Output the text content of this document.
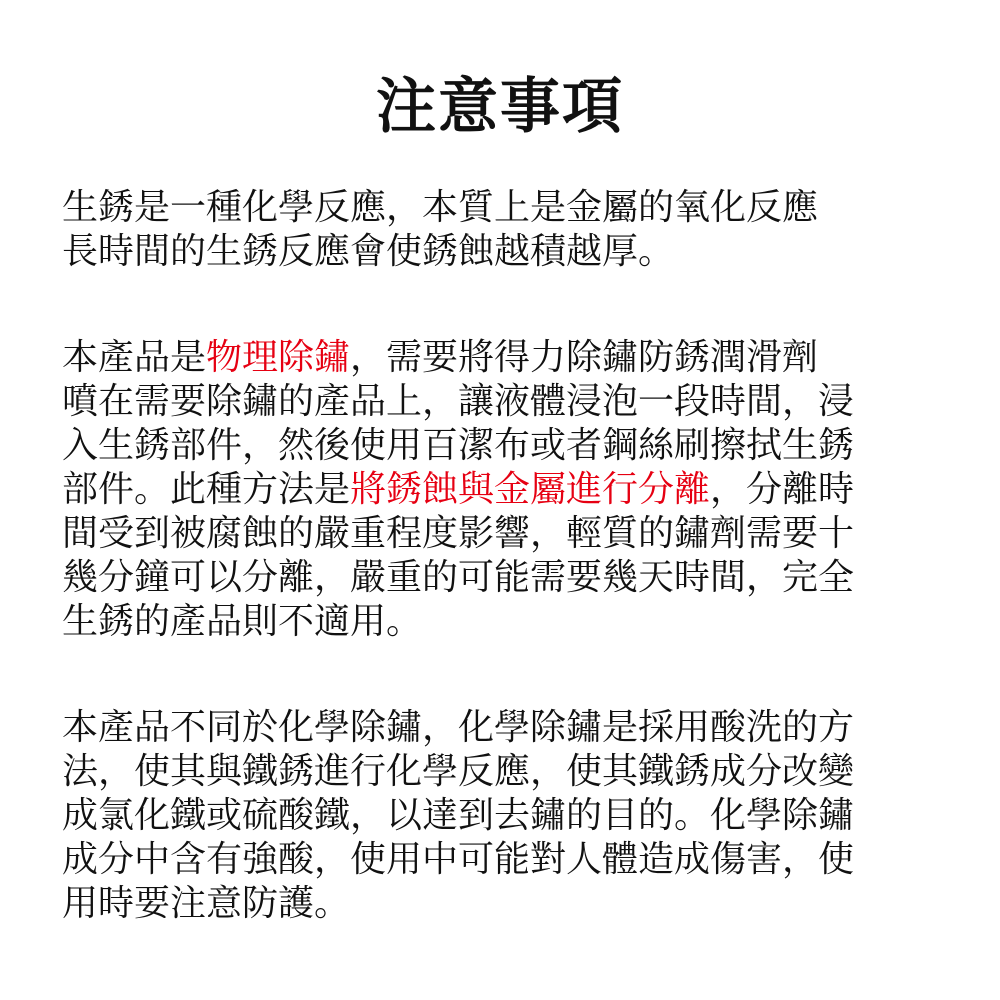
注意事項

生銹是一種化學反應，本質上是金屬的氧化反應
長時間的生銹反應會使銹蝕越積越厚。

本產品是物理除鏽，需要將得力除鏽防銹潤滑劑
噴在需要除鏽的產品上，讓液體浸泡一段時間，浸
入生銹部件，然後使用百潔布或者鋼絲刷擦拭生銹
部件。此種方法是將銹蝕與金屬進行分離，分離時
間受到被腐蝕的嚴重程度影響，輕質的鏽劑需要十
幾分鐘可以分離，嚴重的可能需要幾天時間，完全
生銹的產品則不適用。

本產品不同於化學除鏽，化學除鏽是採用酸洗的方
法，使其與鐵銹進行化學反應，使其鐵銹成分改變
成氯化鐵或硫酸鐵，以達到去鏽的目的。化學除鏽
成分中含有強酸，使用中可能對人體造成傷害，使
用時要注意防護。
